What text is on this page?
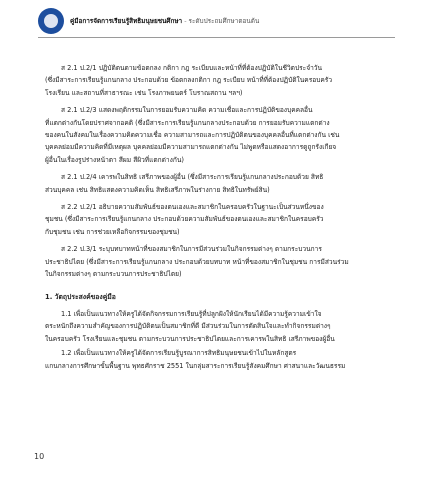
คู่มือการจัดการเรียนรู้สิทธิมนุษยชนศึกษา - ระดับประถมศึกษาตอนต้น
ส 2.1 ป.2/1 ปฏิบัติตนตามข้อตกลง กติกา กฎ ระเบียบและหน้าที่ที่ต้องปฏิบัติในชีวิตประจำวัน
(ซึ่งมีสาระการเรียนรู้แกนกลาง ประกอบด้วย ข้อตกลงกติกา กฎ ระเบียบ หน้าที่ที่ต้องปฏิบัติในครอบครัว
โรงเรียน และสถานที่สาธารณะ เช่น โรงภาพยนตร์ โบราณสถาน ฯลฯ)
ส 2.1 ป.2/3 แสดงพฤติกรรมในการยอมรับความคิด ความเชื่อและการปฏิบัติของบุคคลอื่น
ที่แตกต่างกันโดยปราศจากอคติ (ซึ่งมีสาระการเรียนรู้แกนกลางประกอบด้วย การยอมรับความแตกต่าง
ของคนในสังคมในเรื่องความคิดความเชื่อ ความสามารถและการปฏิบัติตนของบุคคลอื่นที่แตกต่างกัน เช่น
บุคคลย่อมมีความคิดที่มีเหตุผล บุคคลย่อมมีความสามารถแตกต่างกัน ไม่พูดหรือแสดงอาการดูถูกรังเกียจ
ผู้อื่นในเรื่องรูปร่างหน้าตา สีผม สีผิวที่แตกต่างกัน)
ส 2.1 ป.2/4 เคารพในสิทธิ เสรีภาพของผู้อื่น (ซึ่งมีสาระการเรียนรู้แกนกลางประกอบด้วย สิทธิ
ส่วนบุคคล เช่น สิทธิแสดงความคิดเห็น สิทธิเสรีภาพในร่างกาย สิทธิในทรัพย์สิน)
ส 2.2 ป.2/1 อธิบายความสัมพันธ์ของตนเองและสมาชิกในครอบครัวในฐานะเป็นส่วนหนึ่งของ
ชุมชน (ซึ่งมีสาระการเรียนรู้แกนกลาง ประกอบด้วยความสัมพันธ์ของตนเองและสมาชิกในครอบครัว
กับชุมชน เช่น การช่วยเหลือกิจกรรมของชุมชน)
ส 2.2 ป.3/1 ระบุบทบาทหน้าที่ของสมาชิกในการมีส่วนร่วมในกิจกรรมต่างๆ ตามกระบวนการ
ประชาธิปไตย (ซึ่งมีสาระการเรียนรู้แกนกลาง ประกอบด้วยบทบาท หน้าที่ของสมาชิกในชุมชน การมีส่วนร่วม
ในกิจกรรมต่างๆ ตามกระบวนการประชาธิปไตย)
1. วัตถุประสงค์ของคู่มือ
1.1 เพื่อเป็นแนวทางให้ครูได้จัดกิจกรรมการเรียนรู้ที่ปลูกฝังให้นักเรียนได้มีความรู้ความเข้าใจ
ตระหนักถึงความสำคัญของการปฏิบัติตนเป็นสมาชิกที่ดี มีส่วนร่วมในการตัดสินใจและทำกิจกรรมต่างๆ
ในครอบครัว โรงเรียนและชุมชน ตามกระบวนการประชาธิปไตยและการเคารพในสิทธิ เสรีภาพของผู้อื่น
1.2 เพื่อเป็นแนวทางให้ครูได้จัดการเรียนรู้บูรณาการสิทธิมนุษยชนเข้าไปในหลักสูตร
แกนกลางการศึกษาขั้นพื้นฐาน พุทธศักราช 2551 ในกลุ่มสาระการเรียนรู้สังคมศึกษา ศาสนาและวัฒนธรรม
10
